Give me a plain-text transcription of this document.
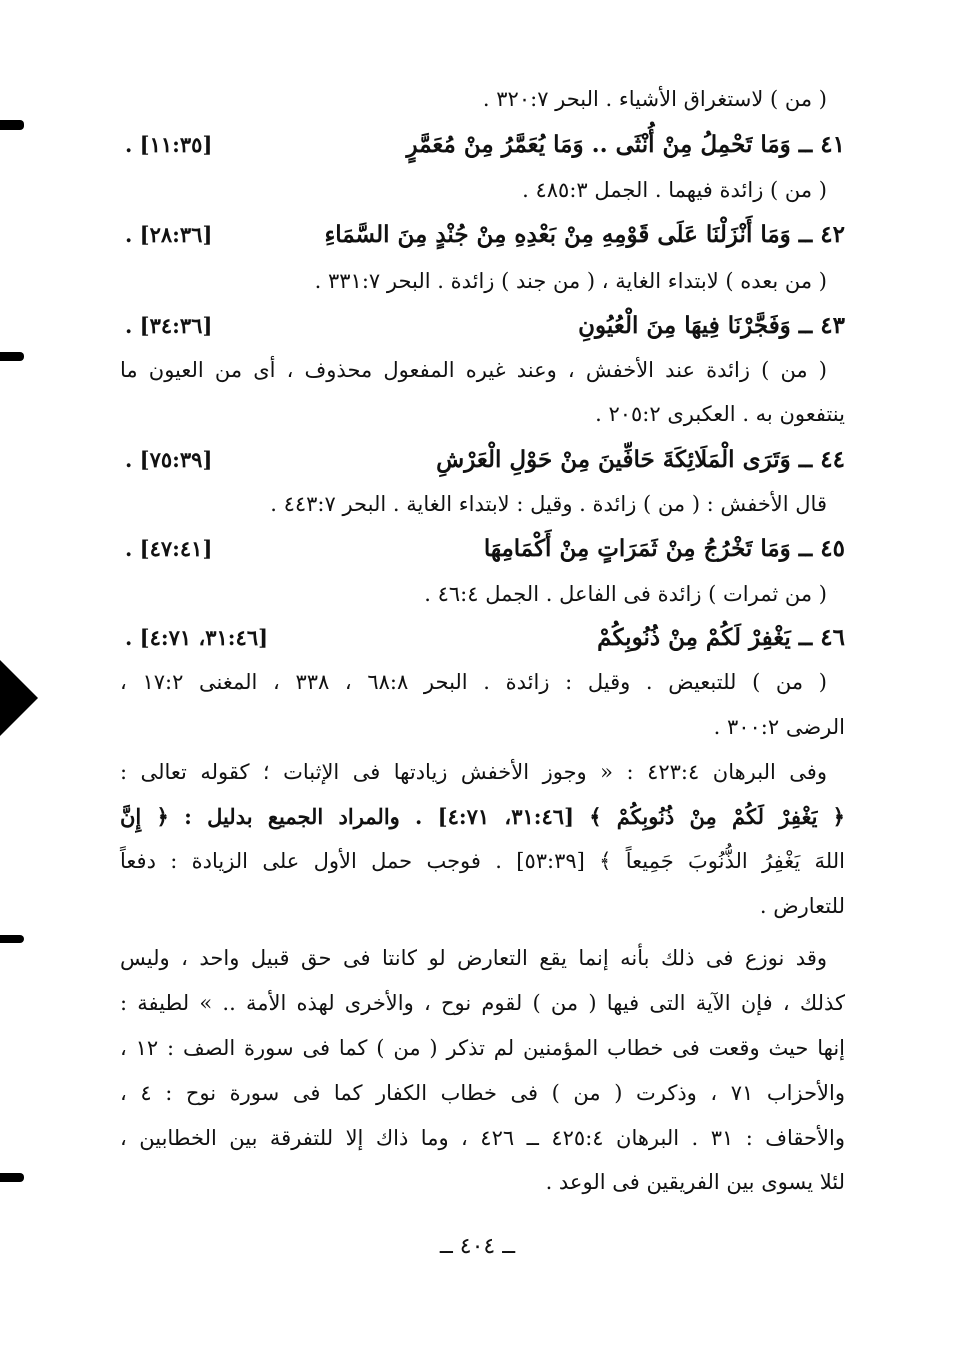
( من ) لاستغراق الأشياء . البحر ٣٢٠:٧ .
٤١ ــ وَمَا تَحْمِلُ مِنْ أُنْثَى .. وَمَا يُعَمَّرُ مِنْ مُعَمَّرٍ
[١١:٣٥] .
( من ) زائدة فيهما . الجمل ٤٨٥:٣ .
٤٢ ــ وَمَا أَنْزَلْنَا عَلَى قَوْمِهِ مِنْ بَعْدِهِ مِنْ جُنْدٍ مِنَ السَّمَاءِ
[٢٨:٣٦] .
( من بعده ) لابتداء الغاية ، ( من جند ) زائدة . البحر ٣٣١:٧ .
٤٣ ــ وَفَجَّرْنَا فِيهَا مِنَ الْعُيُونِ
[٣٤:٣٦] .
( من ) زائدة عند الأخفش ، وعند غيره المفعول محذوف ، أى من العيون ما
ينتفعون به . العكبرى ٢٠٥:٢ .
٤٤ ــ وَتَرَى الْمَلَائِكَةَ حَافِّينَ مِنْ حَوْلِ الْعَرْشِ
[٧٥:٣٩] .
قال الأخفش : ( من ) زائدة . وقيل : لابتداء الغاية . البحر ٤٤٣:٧ .
٤٥ ــ وَمَا تَخْرُجُ مِنْ ثَمَرَاتٍ مِنْ أَكْمَامِهَا
[٤٧:٤١] .
( من ثمرات ) زائدة فى الفاعل . الجمل ٤٦:٤ .
٤٦ ــ يَغْفِرْ لَكُمْ مِنْ ذُنُوبِكُمْ
[٣١:٤٦، ٤:٧١] .
( من ) للتبعيض . وقيل : زائدة . البحر ٦٨:٨ ، ٣٣٨ ، المغنى ١٧:٢ ،
الرضى ٣٠٠:٢ .
وفى البرهان ٤٢٣:٤ : « وجوز الأخفش زيادتها فى الإثبات ؛ كقوله تعالى :
﴿ يَغْفِرْ لَكُمْ مِنْ ذُنُوبِكُمْ ﴾ [٣١:٤٦، ٤:٧١] . والمراد الجميع بدليل : ﴿ إِنَّ
اللهَ يَغْفِرُ الذُّنُوبَ جَمِيعاً ﴾ [٥٣:٣٩] . فوجب حمل الأول على الزيادة : دفعاً
للتعارض .
وقد نوزع فى ذلك بأنه إنما يقع التعارض لو كانتا فى حق قبيل واحد ، وليس
كذلك ، فإن الآية التى فيها ( من ) لقوم نوح ، والأخرى لهذه الأمة .. » لطيفة :
إنها حيث وقعت فى خطاب المؤمنين لم تذكر ( من ) كما فى سورة الصف : ١٢ ،
والأحزاب ٧١ ، وذكرت ( من ) فى خطاب الكفار كما فى سورة نوح : ٤ ،
والأحقاف : ٣١ . البرهان ٤٢٥:٤ ــ ٤٢٦ ، وما ذاك إلا للتفرقة بين الخطابين ،
لئلا يسوى بين الفريقين فى الوعد .
ــ ٤٠٤ ــ
